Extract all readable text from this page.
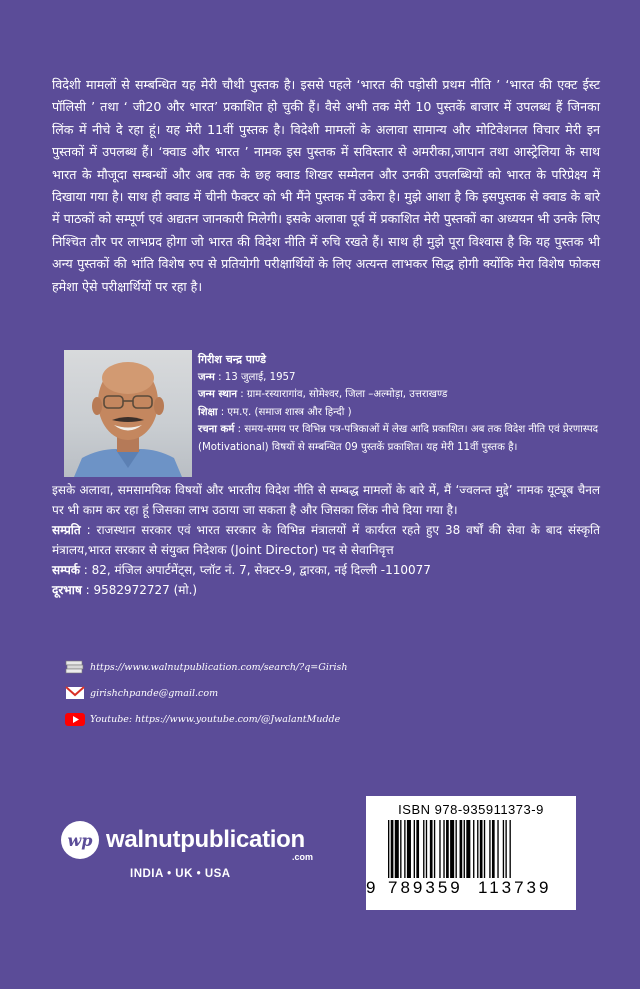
विदेशी मामलों से सम्बन्धित यह मेरी चौथी पुस्तक है। इससे पहले ‘भारत की पड़ोसी प्रथम नीति ’ ‘भारत की एक्ट ईस्ट पॉलिसी ’ तथा ‘ जी20 और भारत’ प्रकाशित हो चुकी हैं। वैसे अभी तक मेरी 10 पुस्तकें बाजार में उपलब्ध हैं जिनका लिंक में नीचे दे रहा हूं। यह मेरी 11वीं पुस्तक है। विदेशी मामलों के अलावा सामान्य और मोटिवेशनल विचार मेरी इन पुस्तकों में उपलब्ध हैं। ‘क्वाड और भारत ’ नामक इस पुस्तक में सविस्तार से अमरीका,जापान तथा आस्ट्रेलिया के साथ भारत के मौजूदा सम्बन्धों और अब तक के छह क्वाड शिखर सम्मेलन और उनकी उपलब्धियों को भारत के परिप्रेक्ष्य में दिखाया गया है। साथ ही क्वाड में चीनी फैक्टर को भी मैंने पुस्तक में उकेरा है। मुझे आशा है कि इसपुस्तक से क्वाड के बारे में पाठकों को सम्पूर्ण एवं अद्यतन जानकारी मिलेगी। इसके अलावा पूर्व में प्रकाशित मेरी पुस्तकों का अध्ययन भी उनके लिए निश्चित तौर पर लाभप्रद होगा जो भारत की विदेश नीति में रुचि रखते हैं। साथ ही मुझे पूरा विश्वास है कि यह पुस्तक भी अन्य पुस्तकों की भांति विशेष रुप से प्रतियोगी परीक्षार्थियों के लिए अत्यन्त लाभकर सिद्ध होगी क्योंकि मेरा विशेष फोकस हमेशा ऐसे परीक्षार्थियों पर रहा है।
गिरीश चन्द्र पाण्डे
जन्म : 13 जुलाई, 1957
जन्म स्थान : ग्राम-रस्यारागांव, सोमेश्वर, जिला –अल्मोड़ा, उत्तराखण्ड
शिक्षा : एम.ए. (समाज शास्त्र और हिन्दी )
रचना कर्म : समय-समय पर विभिन्न पत्र-पत्रिकाओं में लेख आदि प्रकाशित। अब तक विदेश नीति एवं प्रेरणास्पद (Motivational) विषयों से सम्बन्धित 09 पुस्तकें प्रकाशित। यह मेरी 11वीं पुस्तक है।
इसके अलावा, समसामयिक विषयों और भारतीय विदेश नीति से सम्बद्ध मामलों के बारे में, मैं ‘ज्वलन्त मुद्दे’ नामक यूट्यूब चैनल पर भी काम कर रहा हूं जिसका लाभ उठाया जा सकता है और जिसका लिंक नीचे दिया गया है।
सम्प्रति : राजस्थान सरकार एवं भारत सरकार के विभिन्न मंत्रालयों में कार्यरत रहते हुए 38 वर्षों की सेवा के बाद संस्कृति मंत्रालय,भारत सरकार से संयुक्त निदेशक (Joint Director) पद से सेवानिवृत्त
सम्पर्क : 82, मंजिल अपार्टमेंट्स, प्लॉट नं. 7, सेक्टर-9, द्वारका, नई दिल्ली -110077
दूरभाष : 9582972727 (मो.)
https://www.walnutpublication.com/search/?q=Girish
girishchpande@gmail.com
Youtube: https://www.youtube.com/@JwalantMudde
wp walnutpublication
.com
INDIA • UK • USA
ISBN 978-935911373-9
9 789359 113739
